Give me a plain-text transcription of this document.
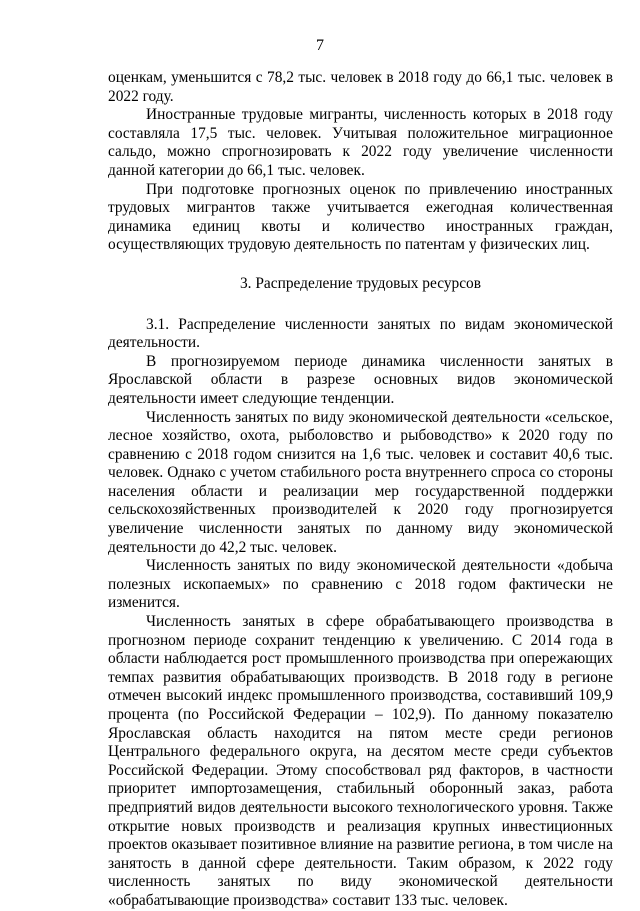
7

оценкам, уменьшится с 78,2 тыс. человек в 2018 году до 66,1 тыс. человек в 2022 году.

Иностранные трудовые мигранты, численность которых в 2018 году составляла 17,5 тыс. человек. Учитывая положительное миграционное сальдо, можно спрогнозировать к 2022 году увеличение численности данной категории до 66,1 тыс. человек.

При подготовке прогнозных оценок по привлечению иностранных трудовых мигрантов также учитывается ежегодная количественная динамика единиц квоты и количество иностранных граждан, осуществляющих трудовую деятельность по патентам у физических лиц.

3. Распределение трудовых ресурсов

3.1. Распределение численности занятых по видам экономической деятельности.

В прогнозируемом периоде динамика численности занятых в Ярославской области в разрезе основных видов экономической деятельности имеет следующие тенденции.

Численность занятых по виду экономической деятельности «сельское, лесное хозяйство, охота, рыболовство и рыбоводство» к 2020 году по сравнению с 2018 годом снизится на 1,6 тыс. человек и составит 40,6 тыс. человек. Однако с учетом стабильного роста внутреннего спроса со стороны населения области и реализации мер государственной поддержки сельскохозяйственных производителей к 2020 году прогнозируется увеличение численности занятых по данному виду экономической деятельности до 42,2 тыс. человек.

Численность занятых по виду экономической деятельности «добыча полезных ископаемых» по сравнению с 2018 годом фактически не изменится.

Численность занятых в сфере обрабатывающего производства в прогнозном периоде сохранит тенденцию к увеличению. С 2014 года в области наблюдается рост промышленного производства при опережающих темпах развития обрабатывающих производств. В 2018 году в регионе отмечен высокий индекс промышленного производства, составивший 109,9 процента (по Российской Федерации – 102,9). По данному показателю Ярославская область находится на пятом месте среди регионов Центрального федерального округа, на десятом месте среди субъектов Российской Федерации. Этому способствовал ряд факторов, в частности приоритет импортозамещения, стабильный оборонный заказ, работа предприятий видов деятельности высокого технологического уровня. Также открытие новых производств и реализация крупных инвестиционных проектов оказывает позитивное влияние на развитие региона, в том числе на занятость в данной сфере деятельности. Таким образом, к 2022 году численность занятых по виду экономической деятельности «обрабатывающие производства» составит 133 тыс. человек.
